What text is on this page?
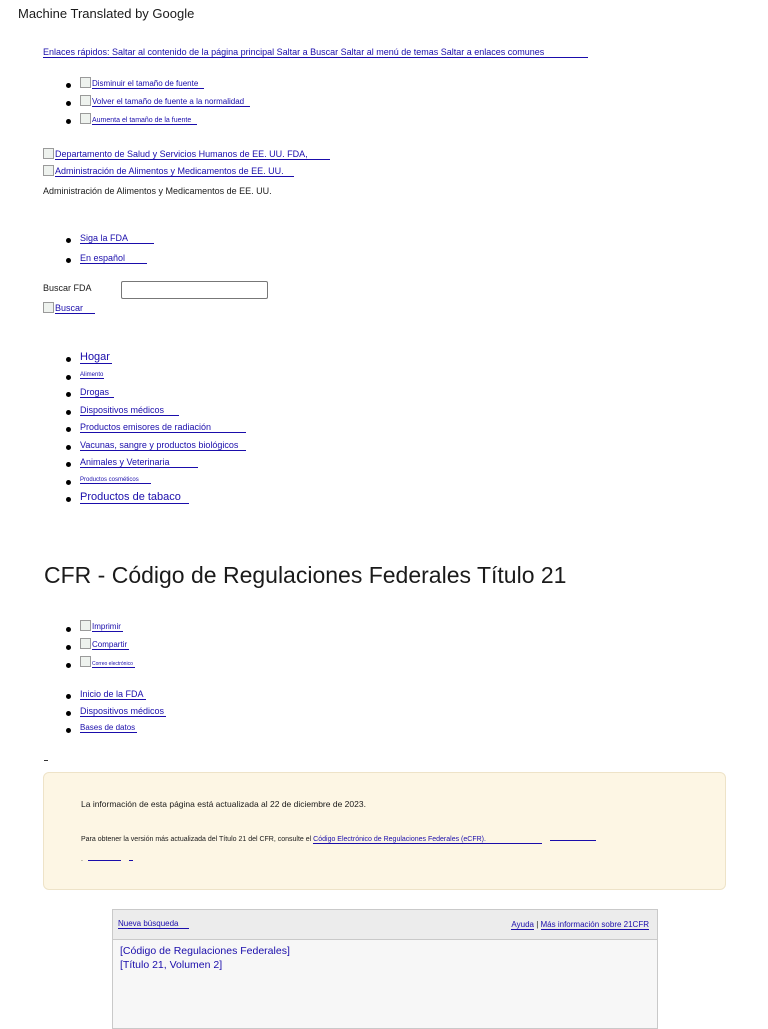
Machine Translated by Google
Enlaces rápidos: Saltar al contenido de la página principal Saltar a Buscar Saltar al menú de temas Saltar a enlaces comunes
Disminuir el tamaño de fuente
Volver el tamaño de fuente a la normalidad
Aumenta el tamaño de la fuente
Departamento de Salud y Servicios Humanos de EE. UU. FDA,
Administración de Alimentos y Medicamentos de EE. UU.
Administración de Alimentos y Medicamentos de EE. UU.
Siga la FDA
En español
Buscar FDA
Buscar
Hogar
Alimento
Drogas
Dispositivos médicos
Productos emisores de radiación
Vacunas, sangre y productos biológicos
Animales y Veterinaria
Productos cosméticos
Productos de tabaco
CFR - Código de Regulaciones Federales Título 21
Imprimir
Compartir
Correo electrónico
Inicio de la FDA
Dispositivos médicos
Bases de datos
La información de esta página está actualizada al 22 de diciembre de 2023.
Para obtener la versión más actualizada del Título 21 del CFR, consulte el Código Electrónico de Regulaciones Federales (eCFR).
.
Nueva búsqueda	Ayuda | Más información sobre 21CFR
[Código de Regulaciones Federales]
[Título 21, Volumen 2]
